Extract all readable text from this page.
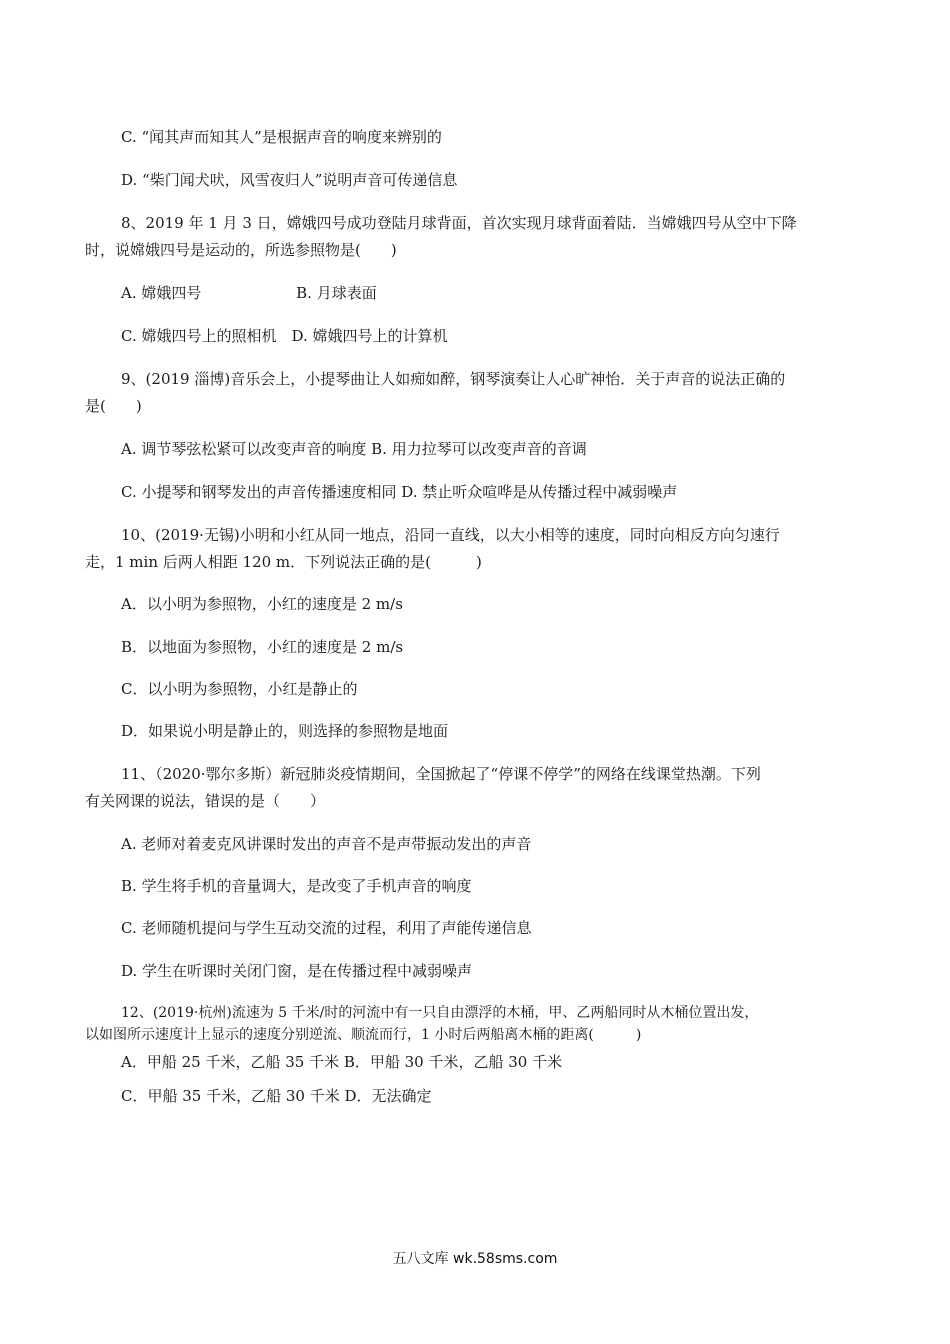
C. “闻其声而知其人”是根据声音的响度来辨别的
D. “柴门闻犬吠，风雪夜归人”说明声音可传递信息
8、2019 年 1 月 3 日，嫦娥四号成功登陆月球背面，首次实现月球背面着陆．当嫦娥四号从空中下降
时，说嫦娥四号是运动的，所选参照物是(　　)
A. 嫦娥四号　　　　　　 B. 月球表面
C. 嫦娥四号上的照相机　D. 嫦娥四号上的计算机
9、(2019 淄博)音乐会上，小提琴曲让人如痴如醉，钢琴演奏让人心旷神怡．关于声音的说法正确的
是(　　)
A. 调节琴弦松紧可以改变声音的响度 B. 用力拉琴可以改变声音的音调
C. 小提琴和钢琴发出的声音传播速度相同 D. 禁止听众喧哗是从传播过程中减弱噪声
10、(2019·无锡)小明和小红从同一地点，沿同一直线，以大小相等的速度，同时向相反方向匀速行
走，1 min 后两人相距 120 m．下列说法正确的是(　　　)
A．以小明为参照物，小红的速度是 2 m/s
B．以地面为参照物，小红的速度是 2 m/s
C．以小明为参照物，小红是静止的
D．如果说小明是静止的，则选择的参照物是地面
11、（2020·鄂尔多斯）新冠肺炎疫情期间，全国掀起了“停课不停学”的网络在线课堂热潮。下列
有关网课的说法，错误的是（　　）
A. 老师对着麦克风讲课时发出的声音不是声带振动发出的声音
B. 学生将手机的音量调大，是改变了手机声音的响度
C. 老师随机提问与学生互动交流的过程，利用了声能传递信息
D. 学生在听课时关闭门窗，是在传播过程中减弱噪声
12、(2019·杭州)流速为 5 千米/时的河流中有一只自由漂浮的木桶，甲、乙两船同时从木桶位置出发，
以如图所示速度计上显示的速度分别逆流、顺流而行，1 小时后两船离木桶的距离(　　　)
A．甲船 25 千米，乙船 35 千米 B．甲船 30 千米，乙船 30 千米
C．甲船 35 千米，乙船 30 千米 D．无法确定
五八文库 wk.58sms.com
